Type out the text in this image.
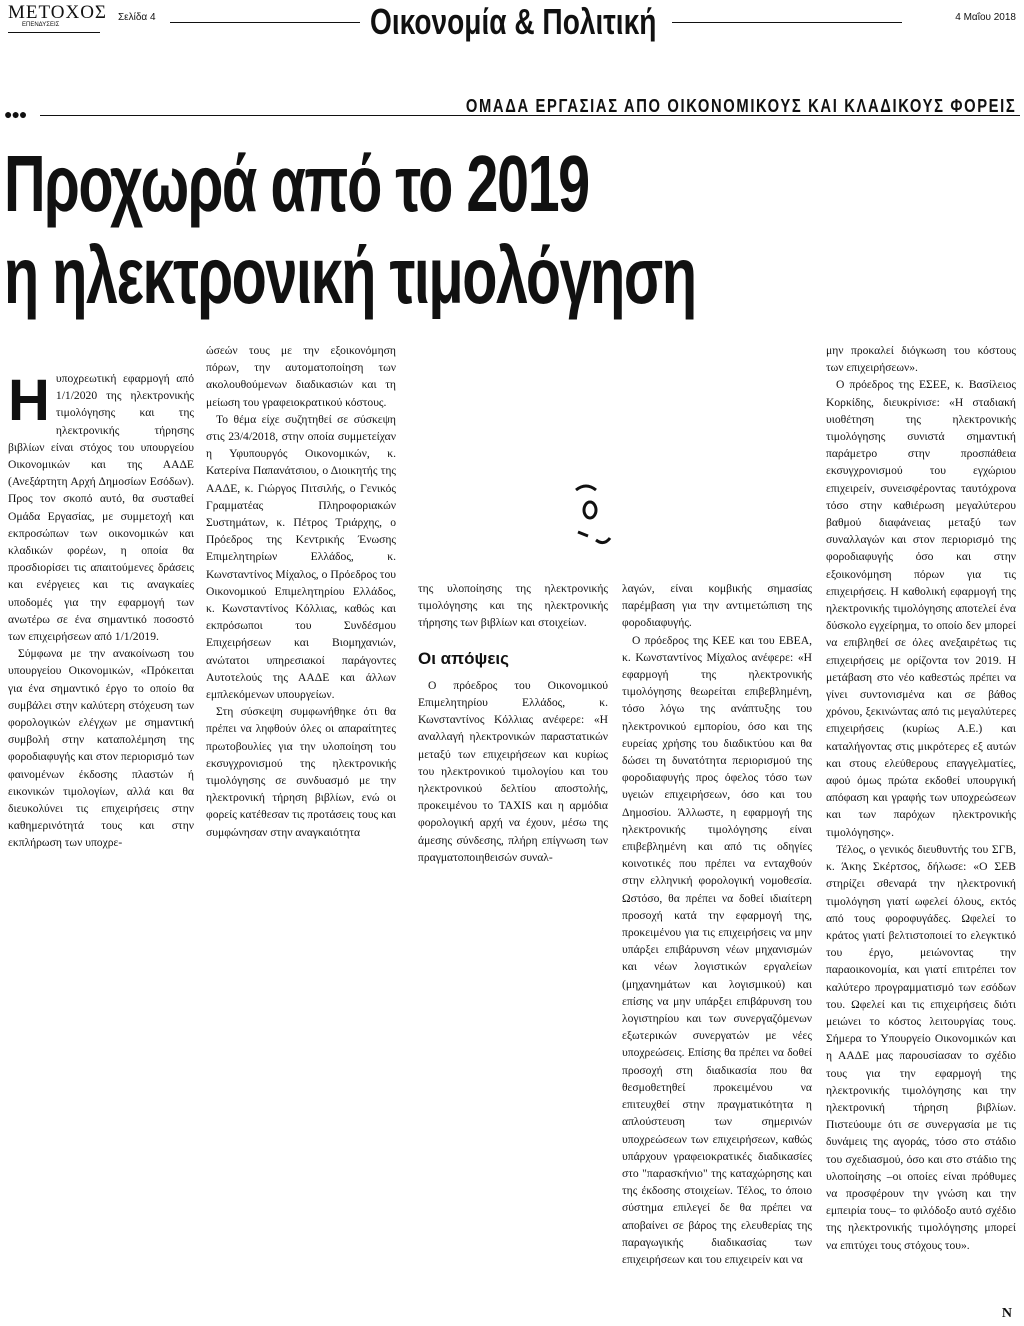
ΜΕΤΟΧΟΣ
ΕΠΕΝΔΥΣΕΙΣ
Σελίδα 4	Οικονομία & Πολιτική	4 Μαΐου 2018
●●●	ΟΜΑΔΑ ΕΡΓΑΣΙΑΣ ΑΠΟ ΟΙΚΟΝΟΜΙΚΟΥΣ ΚΑΙ ΚΛΑΔΙΚΟΥΣ ΦΟΡΕΙΣ
Προχωρά από το 2019
η ηλεκτρονική τιμολόγηση
Η υποχρεωτική εφαρμογή από 1/1/2020 της ηλεκτρονικής τιμολόγησης και της ηλεκτρονικής τήρησης βιβλίων είναι στόχος του υπουργείου Οικονομικών και της ΑΑΔΕ (Ανεξάρτητη Αρχή Δημοσίων Εσόδων). Προς τον σκοπό αυτό, θα συσταθεί Ομάδα Εργασίας, με συμμετοχή και εκπροσώπων των οικονομικών και κλαδικών φορέων, η οποία θα προσδιορίσει τις απαιτούμενες δράσεις και ενέργειες και τις αναγκαίες υποδομές για την εφαρμογή των ανωτέρω σε ένα σημαντικό ποσοστό των επιχειρήσεων από 1/1/2019.

Σύμφωνα με την ανακοίνωση του υπουργείου Οικονομικών, «Πρόκειται για ένα σημαντικό έργο το οποίο θα συμβάλει στην καλύτερη στόχευση των φορολογικών ελέγχων με σημαντική συμβολή στην καταπολέμηση της φοροδιαφυγής και στον περιορισμό των φαινομένων έκδοσης πλαστών ή εικονικών τιμολογίων, αλλά και θα διευκολύνει τις επιχειρήσεις στην καθημερινότητά τους και στην εκπλήρωση των υποχρε-

ώσεών τους με την εξοικονόμηση πόρων, την αυτοματοποίηση των ακολουθούμενων διαδικασιών και τη μείωση του γραφειοκρατικού κόστους.

Το θέμα είχε συζητηθεί σε σύσκεψη στις 23/4/2018, στην οποία συμμετείχαν η Υφυπουργός Οικονομικών, κ. Κατερίνα Παπανάτσιου, ο Διοικητής της ΑΑΔΕ, κ. Γιώργος Πιτσιλής, ο Γενικός Γραμματέας Πληροφοριακών Συστημάτων, κ. Πέτρος Τριάρχης, ο Πρόεδρος της Κεντρικής Ένωσης Επιμελητηρίων Ελλάδος, κ. Κωνσταντίνος Μίχαλος, ο Πρόεδρος του Οικονομικού Επιμελητηρίου Ελλάδος, κ. Κωνσταντίνος Κόλλιας, καθώς και εκπρόσωποι του Συνδέσμου Επιχειρήσεων και Βιομηχανιών, ανώτατοι υπηρεσιακοί παράγοντες Αυτοτελούς της ΑΑΔΕ και άλλων εμπλεκόμενων υπουργείων.

Στη σύσκεψη συμφωνήθηκε ότι θα πρέπει να ληφθούν όλες οι απαραίτητες πρωτοβουλίες για την υλοποίηση του εκσυγχρονισμού της ηλεκτρονικής τιμολόγησης σε συνδυασμό με την ηλεκτρονική τήρηση βιβλίων, ενώ οι φορείς κατέθεσαν τις προτάσεις τους και συμφώνησαν στην αναγκαιότητα

της υλοποίησης της ηλεκτρονικής τιμολόγησης και της ηλεκτρονικής τήρησης των βιβλίων και στοιχείων.

Οι απόψεις

Ο πρόεδρος του Οικονομικού Επιμελητηρίου Ελλάδος, κ. Κωνσταντίνος Κόλλιας ανέφερε: «Η αναλλαγή ηλεκτρονικών παραστατικών μεταξύ των επιχειρήσεων και κυρίως του ηλεκτρονικού τιμολογίου και του ηλεκτρονικού δελτίου αποστολής, προκειμένου το TAXIS και η αρμόδια φορολογική αρχή να έχουν, μέσω της άμεσης σύνδεσης, πλήρη επίγνωση των πραγματοποιηθεισών συναλ-

λαγών, είναι κομβικής σημασίας παρέμβαση για την αντιμετώπιση της φοροδιαφυγής.

Ο πρόεδρος της ΚΕΕ και του ΕΒΕΑ, κ. Κωνσταντίνος Μίχαλος ανέφερε: «Η εφαρμογή της ηλεκτρονικής τιμολόγησης θεωρείται επιβεβλημένη, τόσο λόγω της ανάπτυξης του ηλεκτρονικού εμπορίου, όσο και της ευρείας χρήσης του διαδικτύου και θα δώσει τη δυνατότητα περιορισμού της φοροδιαφυγής προς όφελος τόσο των υγειών επιχειρήσεων, όσο και του Δημοσίου. Άλλωστε, η εφαρμογή της ηλεκτρονικής τιμολόγησης είναι επιβεβλημένη και από τις οδηγίες κοινοτικές που πρέπει να ενταχθούν στην ελληνική φορολογική νομοθεσία. Ωστόσο, θα πρέπει να δοθεί ιδιαίτερη προσοχή κατά την εφαρμογή της, προκειμένου για τις επιχειρήσεις να μην υπάρξει επιβάρυνση νέων μηχανισμών και νέων λογιστικών εργαλείων (μηχανημάτων και λογισμικού) και επίσης να μην υπάρξει επιβάρυνση του λογιστηρίου και των συνεργαζόμενων εξωτερικών συνεργατών με νέες υποχρεώσεις. Επίσης θα πρέπει να δοθεί προσοχή στη διαδικασία που θα θεσμοθετηθεί προκειμένου να επιτευχθεί στην πραγματικότητα η απλούστευση των σημερινών υποχρεώσεων των επιχειρήσεων, καθώς υπάρχουν γραφειοκρατικές διαδικασίες στο "παρασκήνιο" της καταχώρησης και της έκδοσης στοιχείων. Τέλος, το όποιο σύστημα επιλεγεί δε θα πρέπει να αποβαίνει σε βάρος της ελευθερίας της παραγωγικής διαδικασίας των επιχειρήσεων και του επιχειρείν και να

μην προκαλεί διόγκωση του κόστους των επιχειρήσεων».

Ο πρόεδρος της ΕΣΕΕ, κ. Βασίλειος Κορκίδης, διευκρίνισε: «Η σταδιακή υιοθέτηση της ηλεκτρονικής τιμολόγησης συνιστά σημαντική παράμετρο στην προσπάθεια εκσυγχρονισμού του εγχώριου επιχειρείν, συνεισφέροντας ταυτόχρονα τόσο στην καθιέρωση μεγαλύτερου βαθμού διαφάνειας μεταξύ των συναλλαγών και στον περιορισμό της φοροδιαφυγής όσο και στην εξοικονόμηση πόρων για τις επιχειρήσεις. Η καθολική εφαρμογή της ηλεκτρονικής τιμολόγησης αποτελεί ένα δύσκολο εγχείρημα, το οποίο δεν μπορεί να επιβληθεί σε όλες ανεξαιρέτως τις επιχειρήσεις με ορίζοντα τον 2019. Η μετάβαση στο νέο καθεστώς πρέπει να γίνει συντονισμένα και σε βάθος χρόνου, ξεκινώντας από τις μεγαλύτερες επιχειρήσεις (κυρίως Α.Ε.) και καταλήγοντας στις μικρότερες εξ αυτών και στους ελεύθερους επαγγελματίες, αφού όμως πρώτα εκδοθεί υπουργική απόφαση και γραφής των υποχρεώσεων και των παρόχων ηλεκτρονικής τιμολόγησης».

Τέλος, ο γενικός διευθυντής του ΣΓΒ, κ. Άκης Σκέρτσος, δήλωσε: «Ο ΣΕΒ στηρίζει σθεναρά την ηλεκτρονική τιμολόγηση γιατί ωφελεί όλους, εκτός από τους φοροφυγάδες. Ωφελεί το κράτος γιατί βελτιστοποιεί το ελεγκτικό του έργο, μειώνοντας την παραοικονομία, και γιατί επιτρέπει τον καλύτερο προγραμματισμό των εσόδων του. Ωφελεί και τις επιχειρήσεις διότι μειώνει το κόστος λειτουργίας τους. Σήμερα το Υπουργείο Οικονομικών και η ΑΑΔΕ μας παρουσίασαν το σχέδιο τους για την εφαρμογή της ηλεκτρονικής τιμολόγησης και την ηλεκτρονική τήρηση βιβλίων. Πιστεύουμε ότι σε συνεργασία με τις δυνάμεις της αγοράς, τόσο στο στάδιο του σχεδιασμού, όσο και στο στάδιο της υλοποίησης –οι οποίες είναι πρόθυμες να προσφέρουν την γνώση και την εμπειρία τους– το φιλόδοξο αυτό σχέδιο της ηλεκτρονικής τιμολόγησης μπορεί να επιτύχει τους στόχους του».

Ν
